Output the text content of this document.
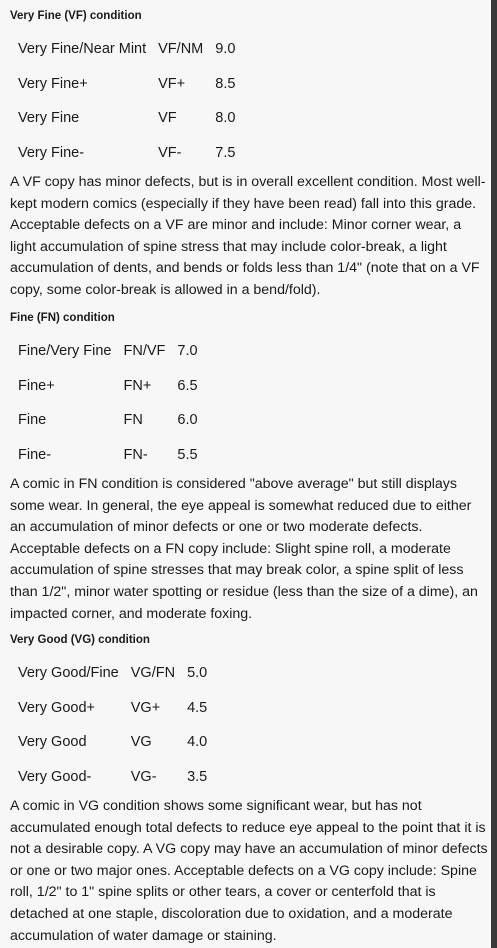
Very Fine (VF) condition
Very Fine/Near Mint	VF/NM	9.0
Very Fine+	VF+	8.5
Very Fine	VF	8.0
Very Fine-	VF-	7.5

A VF copy has minor defects, but is in overall excellent condition. Most well-kept modern comics (especially if they have been read) fall into this grade. Acceptable defects on a VF are minor and include: Minor corner wear, a light accumulation of spine stress that may include color-break, a light accumulation of dents, and bends or folds less than 1/4" (note that on a VF copy, some color-break is allowed in a bend/fold).

Fine (FN) condition
Fine/Very Fine	FN/VF	7.0
Fine+	FN+	6.5
Fine	FN	6.0
Fine-	FN-	5.5

A comic in FN condition is considered "above average" but still displays some wear. In general, the eye appeal is somewhat reduced due to either an accumulation of minor defects or one or two moderate defects. Acceptable defects on a FN copy include: Slight spine roll, a moderate accumulation of spine stresses that may break color, a spine split of less than 1/2", minor water spotting or residue (less than the size of a dime), an impacted corner, and moderate foxing.

Very Good (VG) condition
Very Good/Fine	VG/FN	5.0
Very Good+	VG+	4.5
Very Good	VG	4.0
Very Good-	VG-	3.5

A comic in VG condition shows some significant wear, but has not accumulated enough total defects to reduce eye appeal to the point that it is not a desirable copy. A VG copy may have an accumulation of minor defects or one or two major ones. Acceptable defects on a VG copy include: Spine roll, 1/2" to 1" spine splits or other tears, a cover or centerfold that is detached at one staple, discoloration due to oxidation, and a moderate accumulation of water damage or staining.
